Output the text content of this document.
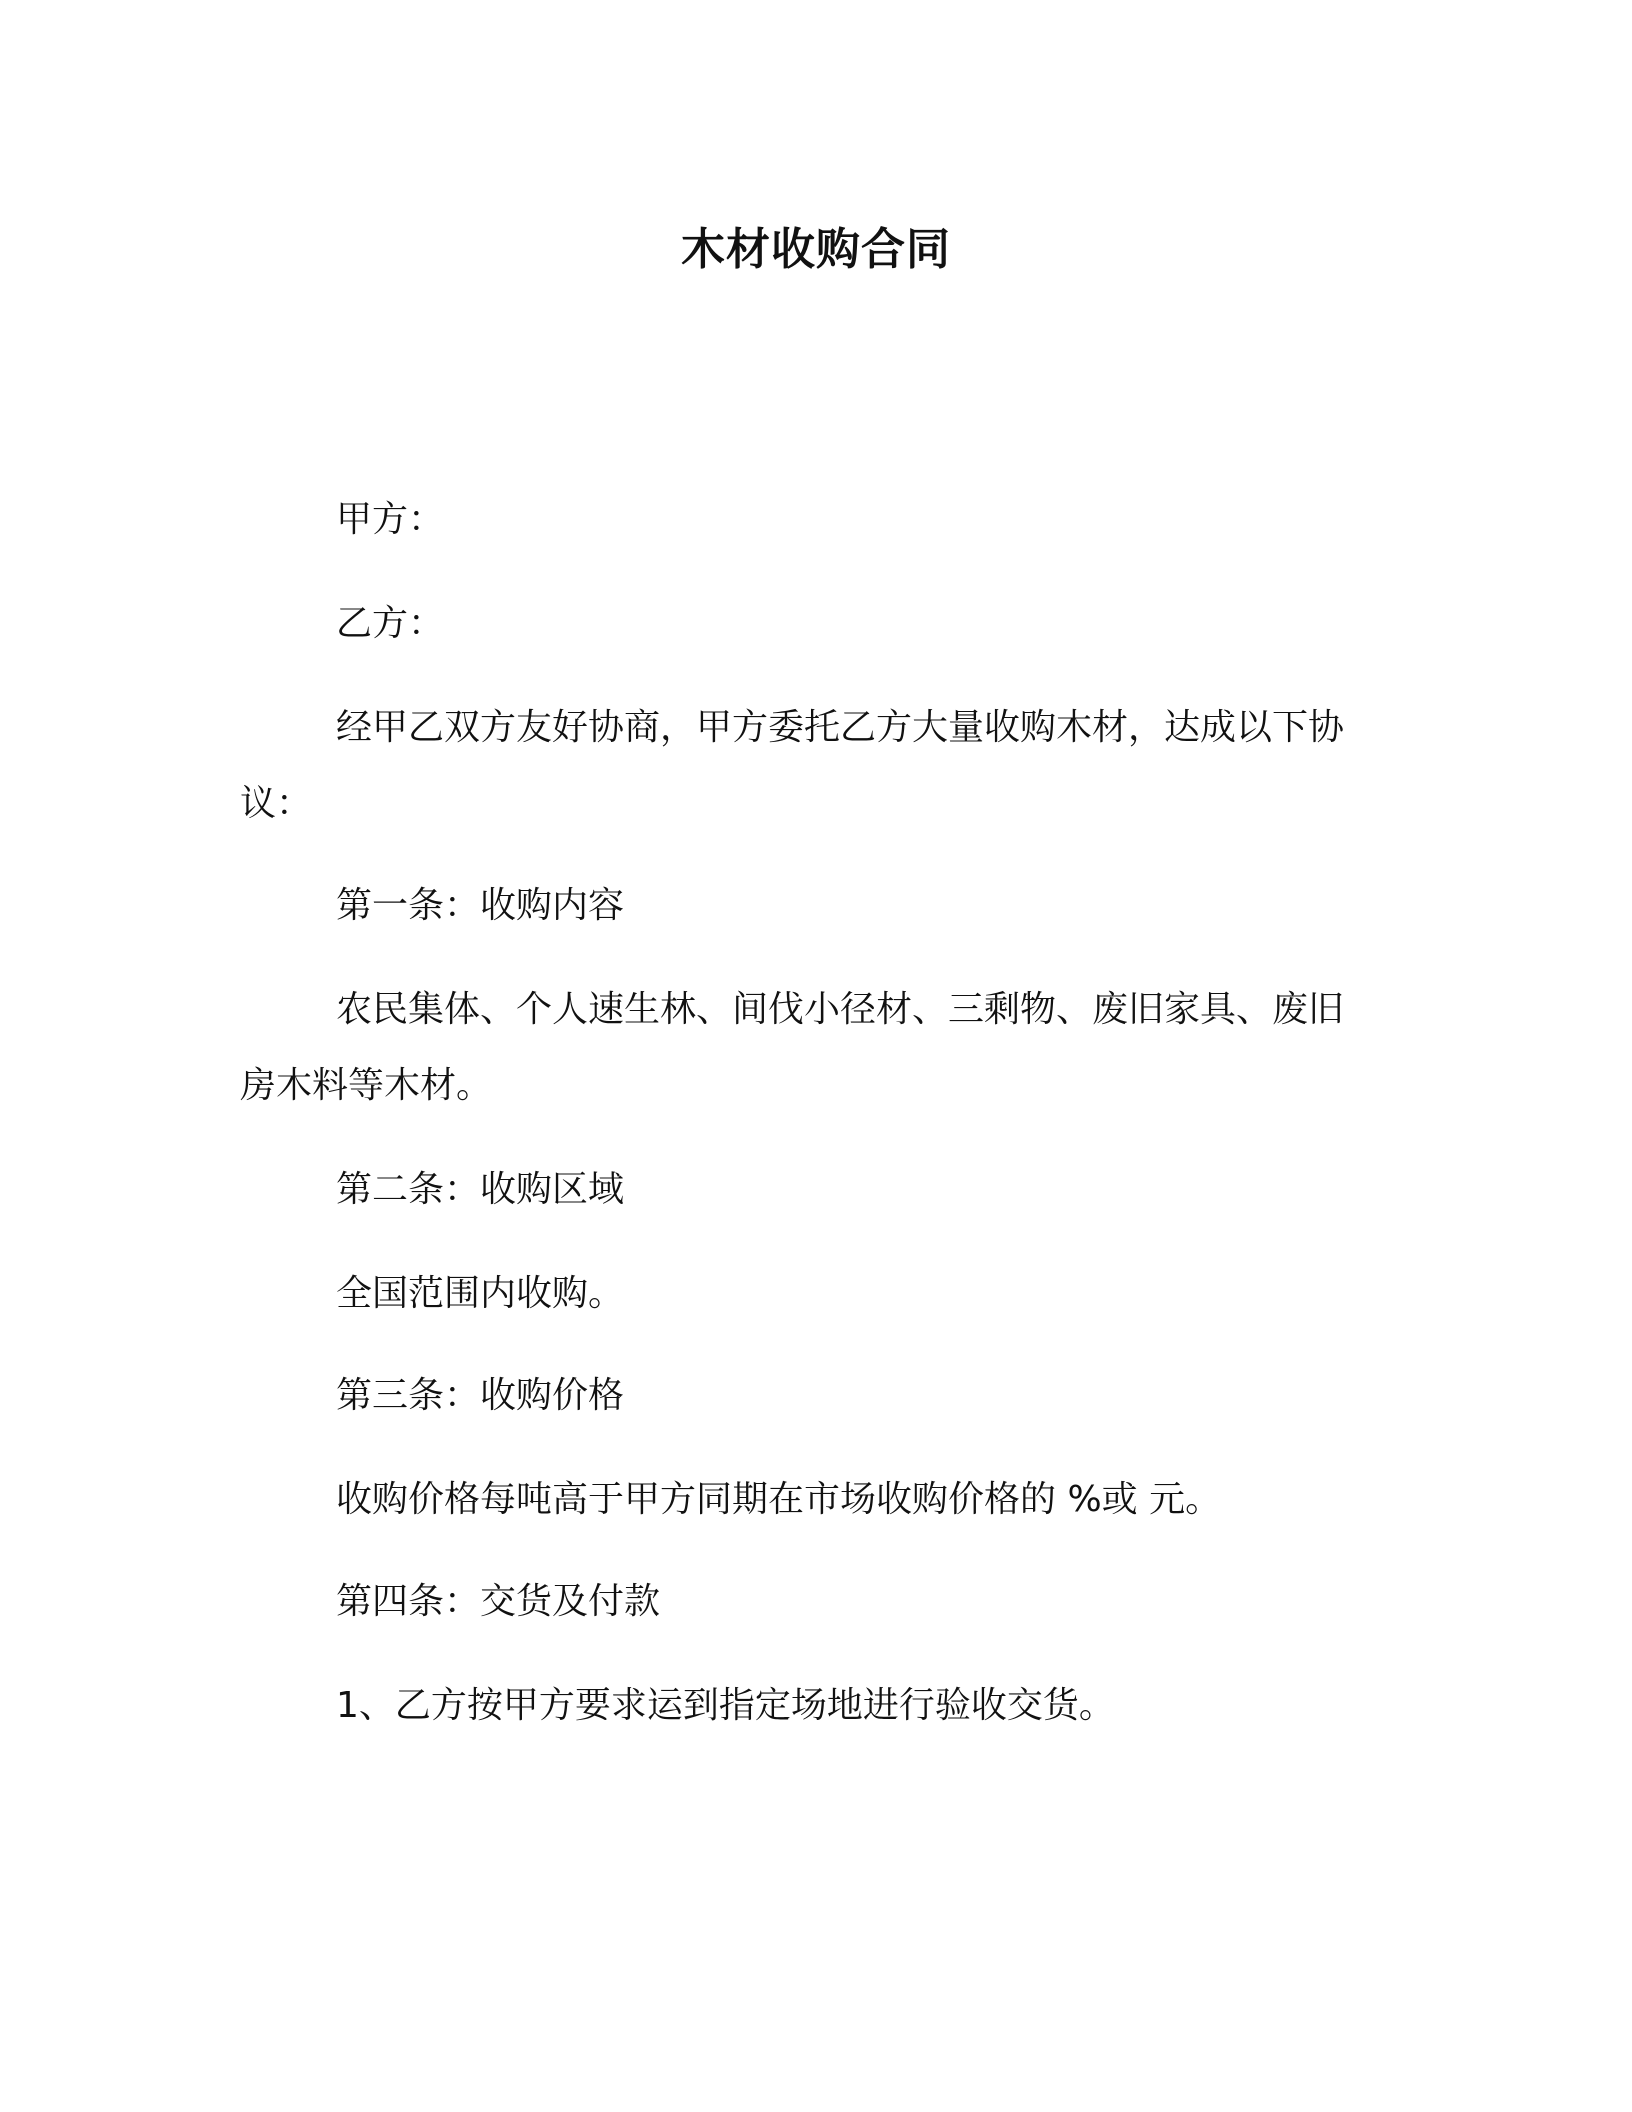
木材收购合同
甲方：
乙方：
经甲乙双方友好协商，甲方委托乙方大量收购木材，达成以下协
议：
第一条：收购内容
农民集体、个人速生林、间伐小径材、三剩物、废旧家具、废旧
房木料等木材。
第二条：收购区域
全国范围内收购。
第三条：收购价格
收购价格每吨高于甲方同期在市场收购价格的 %或 元。
第四条：交货及付款
1、乙方按甲方要求运到指定场地进行验收交货。
